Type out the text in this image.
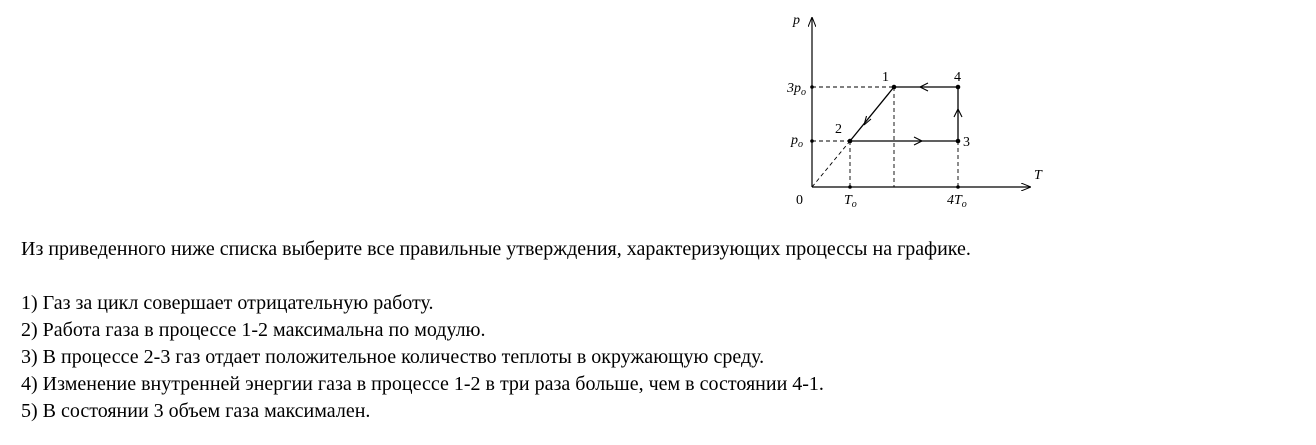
p
T
0
$3p_o$
$p_o$
$T_o$	$4T_o$
1
2
3
4
Из приведенного ниже списка выберите все правильные утверждения, характеризующих процессы на графике.
1) Газ за цикл совершает отрицательную работу.
2) Работа газа в процессе 1-2 максимальна по модулю.
3) В процессе 2-3 газ отдает положительное количество теплоты в окружающую среду.
4) Изменение внутренней энергии газа в процессе 1-2 в три раза больше, чем в состоянии 4-1.
5) В состоянии 3 объем газа максимален.
